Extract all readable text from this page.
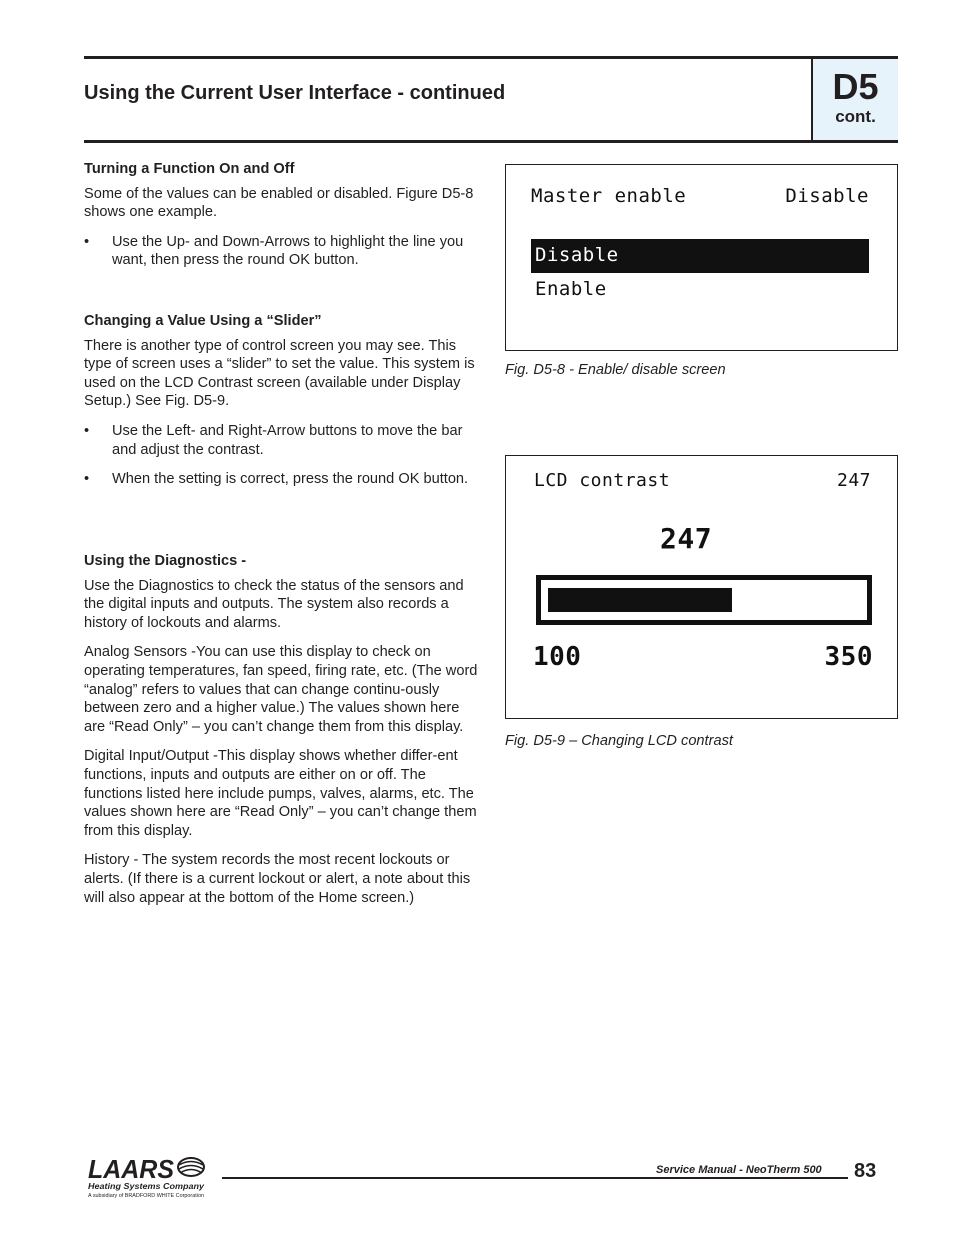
Using the Current User Interface - continued	D5
cont.

Turning a Function On and Off

Some of the values can be enabled or disabled. Figure D5-8 shows one example.

• Use the Up- and Down-Arrows to highlight the line you want, then press the round OK button.

Changing a Value Using a “Slider”

There is another type of control screen you may see. This type of screen uses a “slider” to set the value. This system is used on the LCD Contrast screen (available under Display Setup.) See Fig. D5-9.

• Use the Left- and Right-Arrow buttons to move the bar and adjust the contrast.

• When the setting is correct, press the round OK button.

Using the Diagnostics -

Use the Diagnostics to check the status of the sensors and the digital inputs and outputs. The system also records a history of lockouts and alarms.

Analog Sensors -You can use this display to check on operating temperatures, fan speed, firing rate, etc. (The word “analog” refers to values that can change continu-ously between zero and a higher value.) The values shown here are “Read Only” – you can’t change them from this display.

Digital Input/Output -This display shows whether differ-ent functions, inputs and outputs are either on or off. The functions listed here include pumps, valves, alarms, etc. The values shown here are “Read Only” – you can’t change them from this display.

History - The system records the most recent lockouts or alerts. (If there is a current lockout or alert, a note about this will also appear at the bottom of the Home screen.)

Master enable	Disable
Disable
Enable
Fig. D5-8 - Enable/ disable screen
LCD contrast	247
247
100	350
Fig. D5-9 – Changing LCD contrast
LAARS
Heating Systems Company
A subsidiary of BRADFORD WHITE Corporation
Service Manual - NeoTherm 500 83
